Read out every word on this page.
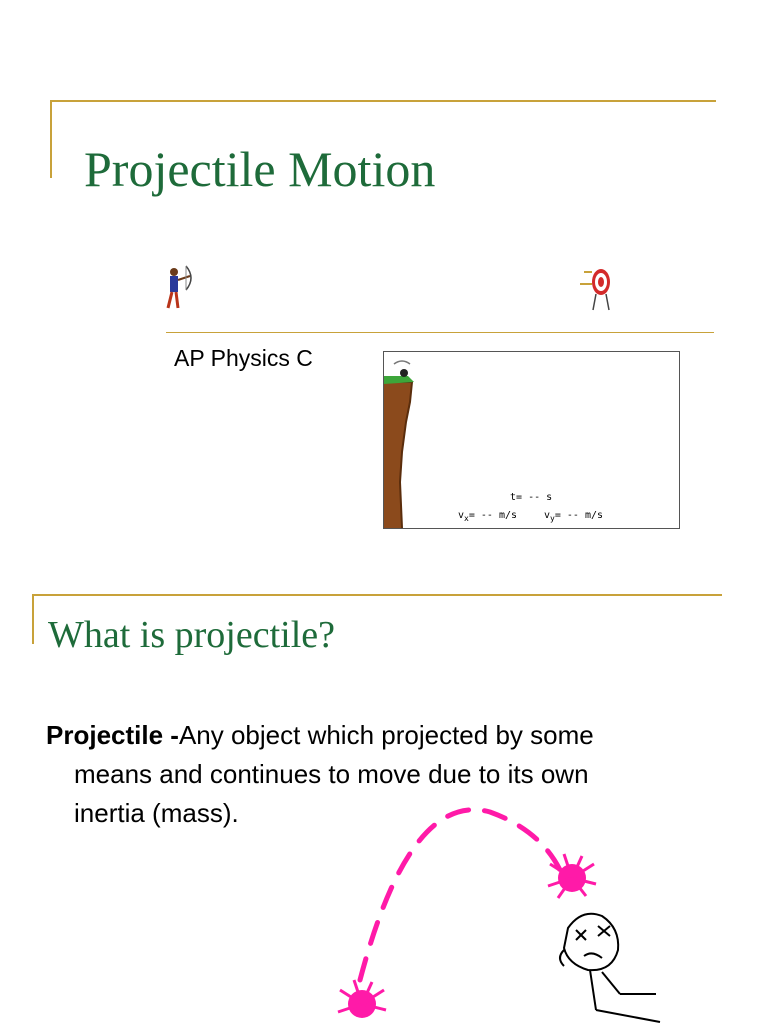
Projectile Motion
AP Physics C
t= -- s
$v_x= -- m/s$	$v_y= -- m/s$
What is projectile?
Projectile -Any object which projected by some
means and continues to move due to its own
inertia (mass).
